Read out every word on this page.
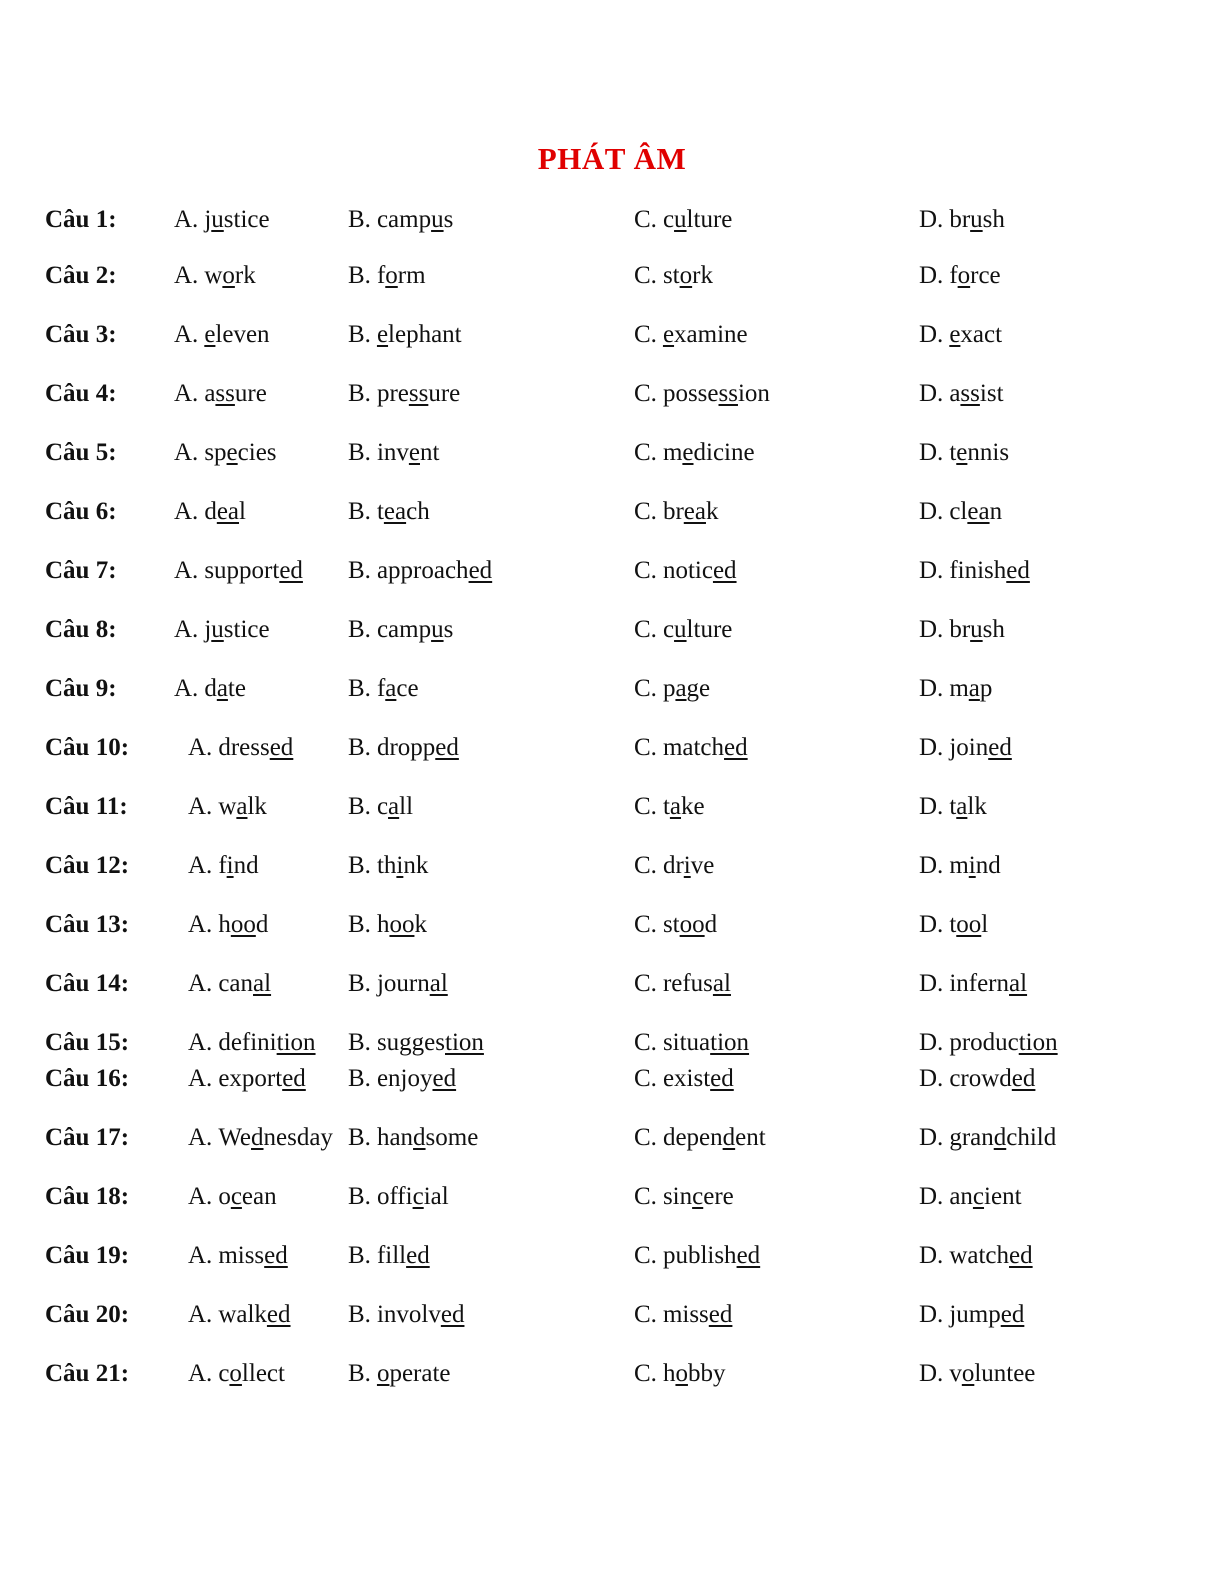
PHÁT ÂM
Câu 1: A. justice	B. campus	C. culture	D. brush
Câu 2: A. work	B. form	C. stork	D. force
Câu 3: A. eleven	B. elephant	C. examine	D. exact
Câu 4: A. assure	B. pressure	C. possession	D. assist
Câu 5: A. species	B. invent	C. medicine	D. tennis
Câu 6: A. deal	B. teach	C. break	D. clean
Câu 7: A. supported B. approached	C. noticed	D. finished
Câu 8: A. justice	B. campus	C. culture	D. brush
Câu 9: A. date	B. face	C. page	D. map
Câu 10: A. dressed B. dropped	C. matched	D. joined
Câu 11: A. walk	B. call	C. take	D. talk
Câu 12: A. find	B. think	C. drive	D. mind
Câu 13: A. hood	B. hook	C. stood	D. tool
Câu 14: A. canal	B. journal	C. refusal	D. infernal
Câu 15: A. definition B. suggestion	C. situation	D. production
Câu 16: A. exported B. enjoyed	C. existed	D. crowded
Câu 17: A. Wednesday B. handsome	C. dependent	D. grandchild
Câu 18: A. ocean	B. official	C. sincere	D. ancient
Câu 19: A. missed B. filled	C. published	D. watched
Câu 20: A. walked B. involved	C. missed	D. jumped
Câu 21: A. collect	B. operate	C. hobby	D. voluntee
